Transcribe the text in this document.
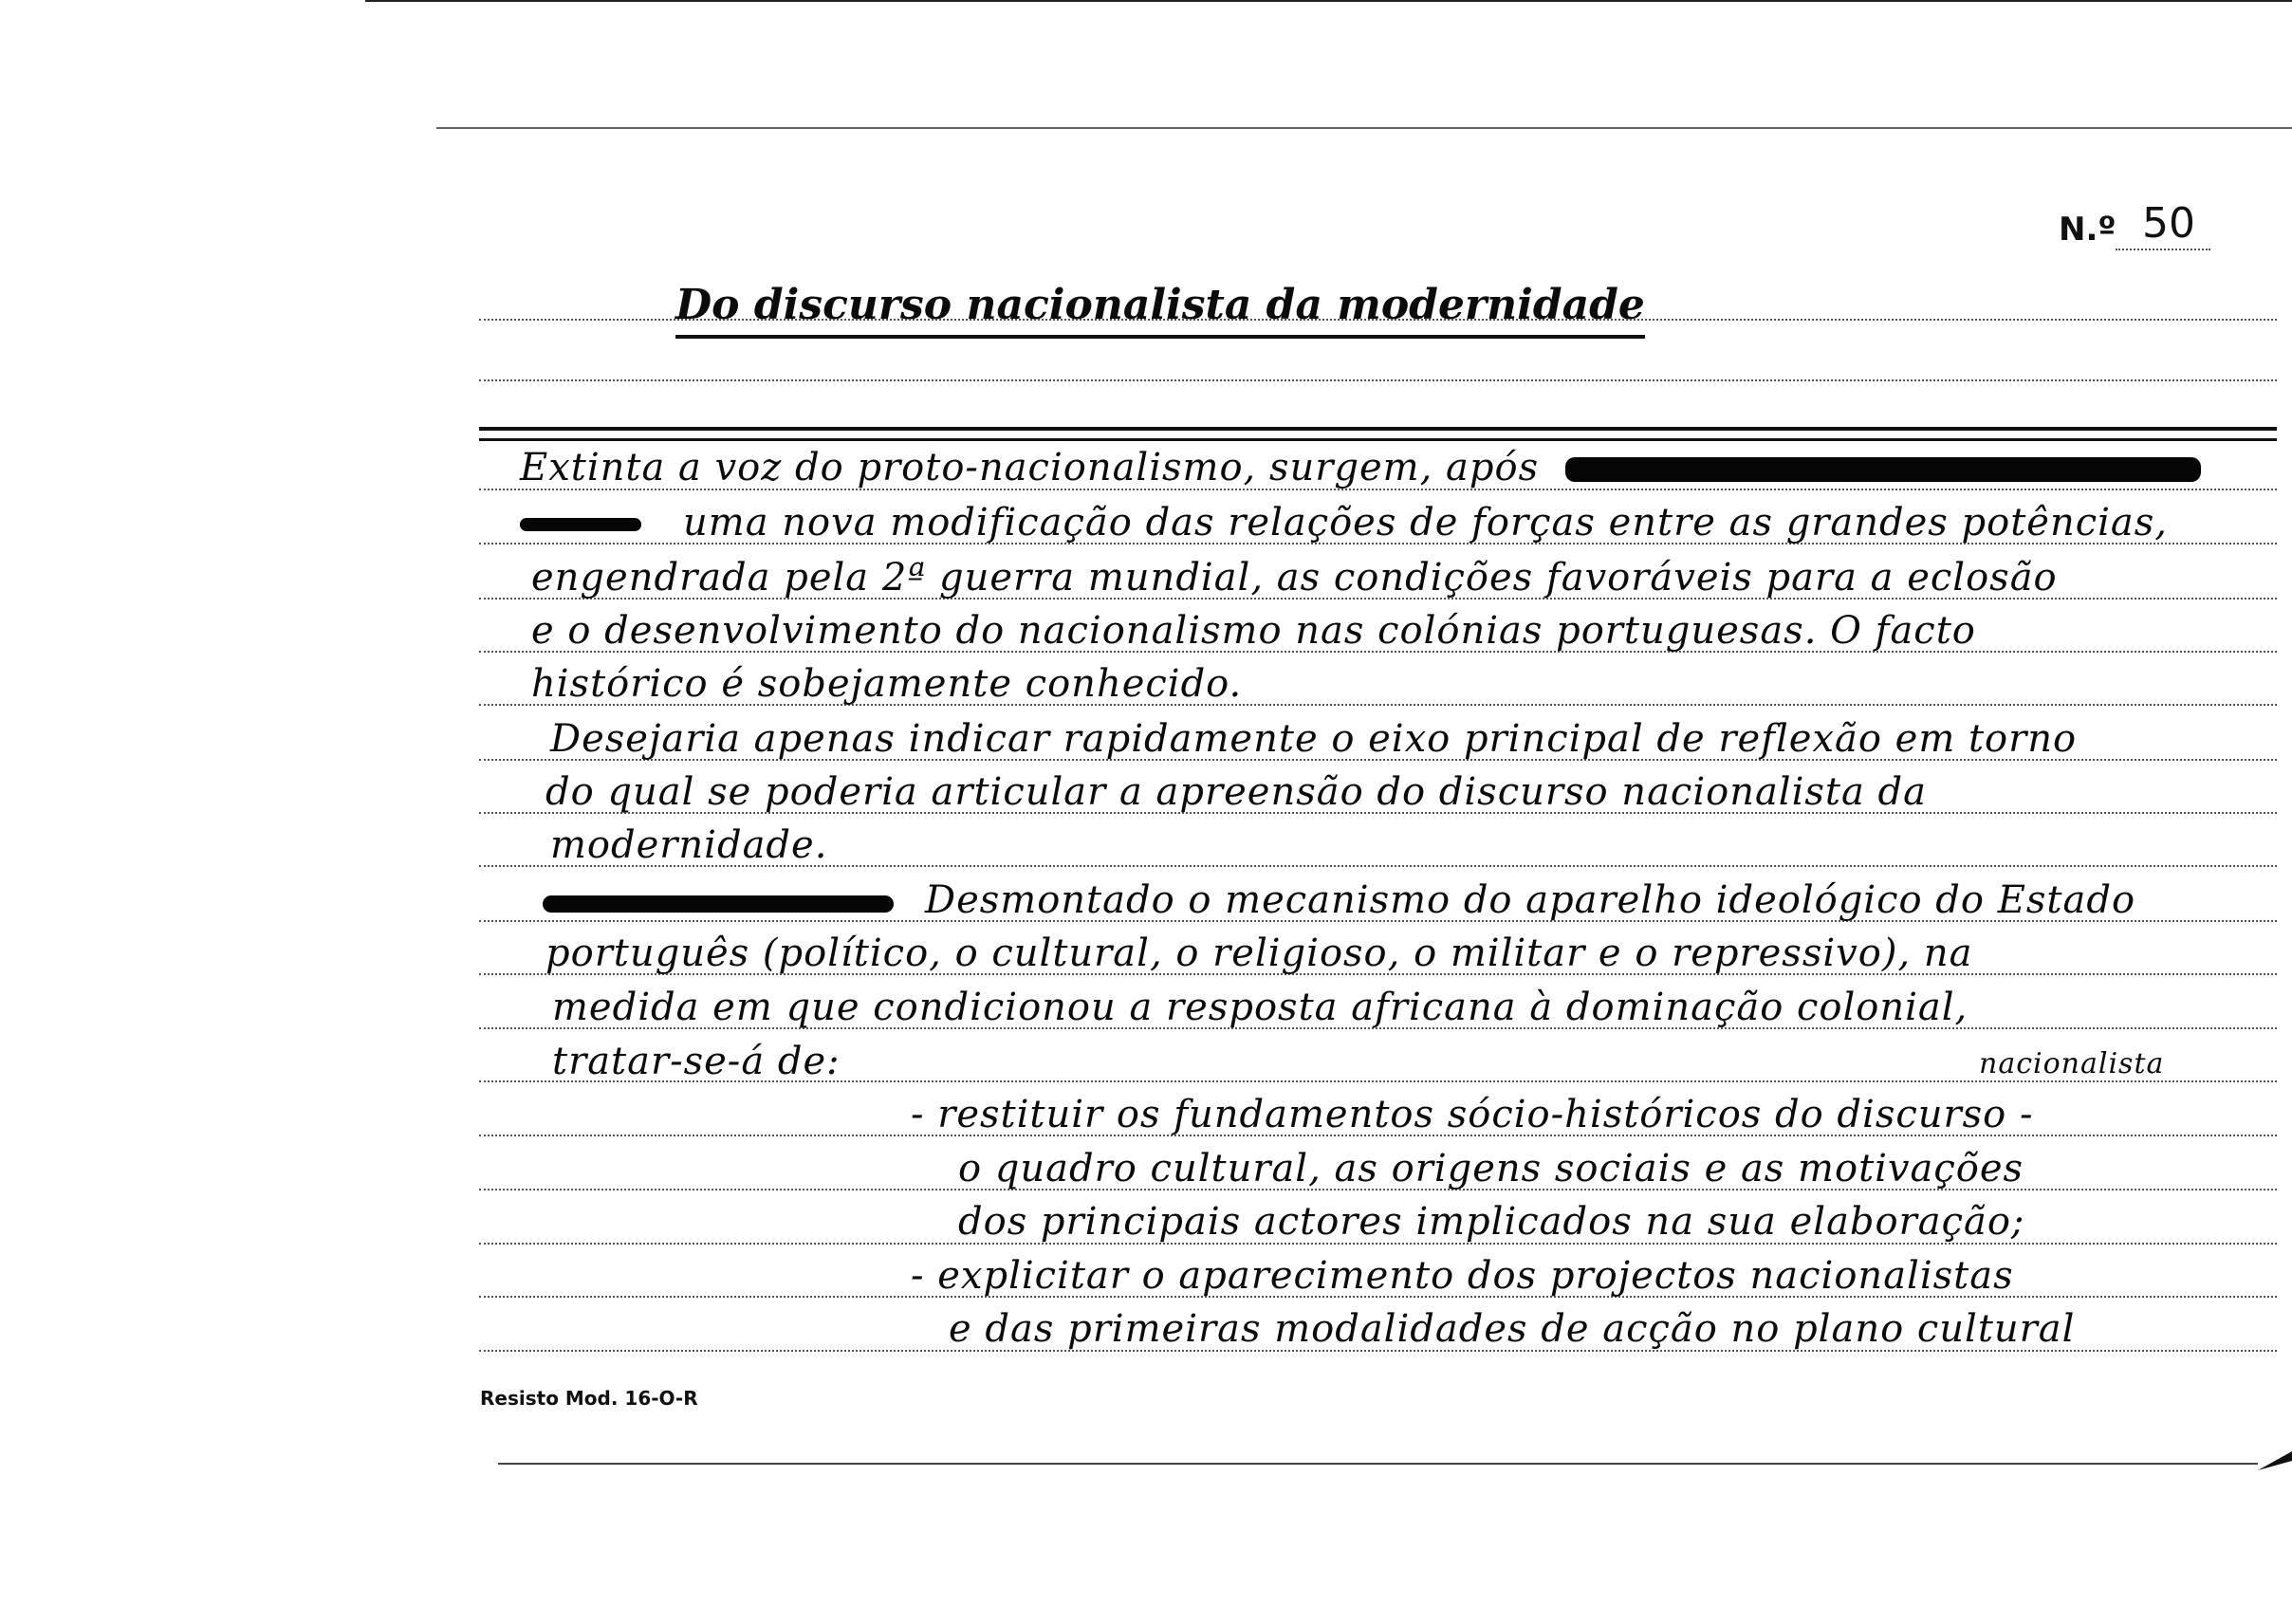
N.º 50
Do discurso nacionalista da modernidade
Extinta a voz do proto-nacionalismo, surgem, após
uma nova modificação das relações de forças entre as grandes potências,
engendrada pela 2ª guerra mundial, as condições favoráveis para a eclosão
e o desenvolvimento do nacionalismo nas colónias portuguesas. O facto
histórico é sobejamente conhecido.
Desejaria apenas indicar rapidamente o eixo principal de reflexão em torno
do qual se poderia articular a apreensão do discurso nacionalista da
modernidade.
Desmontado o mecanismo do aparelho ideológico do Estado
português (político, o cultural, o religioso, o militar e o repressivo), na
medida em que condicionou a resposta africana à dominação colonial,
tratar-se-á de:	nacionalista
- restituir os fundamentos sócio-históricos do discurso -
o quadro cultural, as origens sociais e as motivações
dos principais actores implicados na sua elaboração;
- explicitar o aparecimento dos projectos nacionalistas
e das primeiras modalidades de acção no plano cultural
Resisto Mod. 16-O-R
